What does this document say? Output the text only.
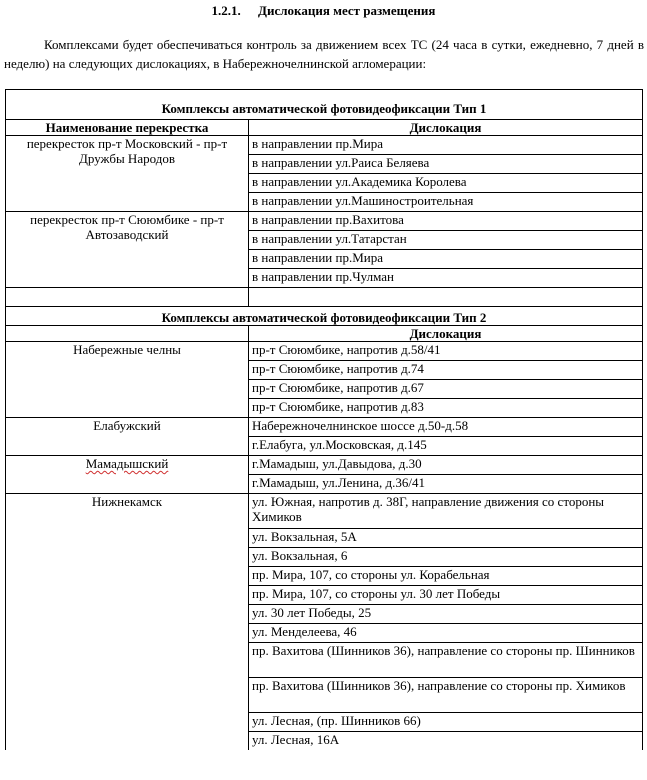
1.2.1. Дислокация мест размещения
Комплексами будет обеспечиваться контроль за движением всех ТС (24 часа в сутки, ежедневно, 7 дней в неделю) на следующих дислокациях, в Набережночелнинской агломерации:
Комплексы автоматической фотовидеофиксации Тип 1	
Наименование перекрестка	Дислокация
перекресток пр-т Московский - пр-т Дружбы Народов	в направлении пр.Мира
	в направлении ул.Раиса Беляева
	в направлении ул.Академика Королева
	в направлении ул.Машиностроительная
перекресток пр-т Сююмбике - пр-т Автозаводский	в направлении пр.Вахитова
	в направлении ул.Татарстан
	в направлении пр.Мира
	в направлении пр.Чулман

Комплексы автоматической фотовидеофиксации Тип 2	
	Дислокация
Набережные челны	пр-т Сююмбике, напротив д.58/41
	пр-т Сююмбике, напротив д.74
	пр-т Сююмбике, напротив д.67
	пр-т Сююмбике, напротив д.83
Елабужский	Набережночелнинское шоссе д.50-д.58
	г.Елабуга, ул.Московская, д.145
Мамадышский	г.Мамадыш, ул.Давыдова, д.30
	г.Мамадыш, ул.Ленина, д.36/41
Нижнекамск	ул. Южная, напротив д. 38Г, направление движения со стороны Химиков
	ул. Вокзальная, 5А
	ул. Вокзальная, 6
	пр. Мира, 107, со стороны ул. Корабельная
	пр. Мира, 107, со стороны ул. 30 лет Победы
	ул. 30 лет Победы, 25
	ул. Менделеева, 46
	пр. Вахитова (Шинников 36), направление со стороны пр. Шинников
	пр. Вахитова (Шинников 36), направление со стороны пр. Химиков
	ул. Лесная, (пр. Шинников 66)
	ул. Лесная, 16А
